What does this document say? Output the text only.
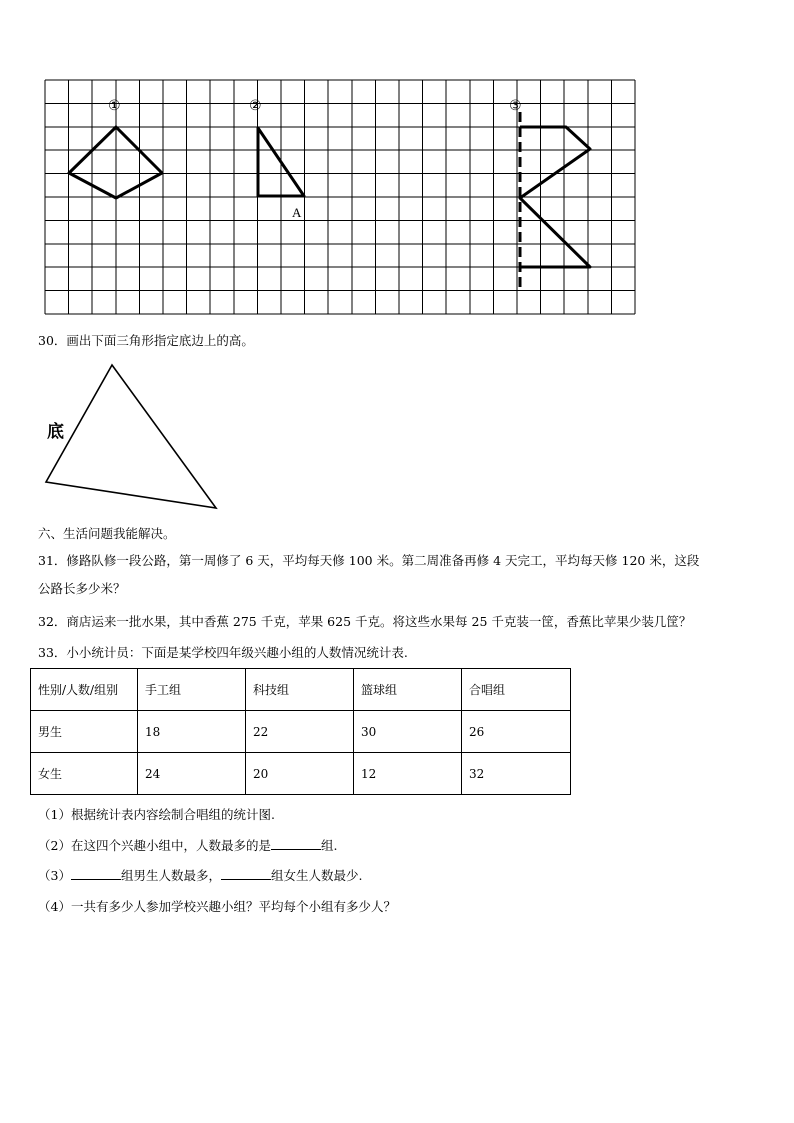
①	②	③
A
30．画出下面三角形指定底边上的高。
底
六、生活问题我能解决。
31．修路队修一段公路，第一周修了 6 天，平均每天修 100 米。第二周准备再修 4 天完工，平均每天修 120 米，这段
公路长多少米？
32．商店运来一批水果，其中香蕉 275 千克，苹果 625 千克。将这些水果每 25 千克装一筐，香蕉比苹果少装几筐？
33．小小统计员：下面是某学校四年级兴趣小组的人数情况统计表.
性别/人数/组别	手工组	科技组	篮球组	合唱组
男生	18	22	30	26
女生	24	20	12	32
（1）根据统计表内容绘制合唱组的统计图.
（2）在这四个兴趣小组中，人数最多的是	组.
（3）	组男生人数最多，	组女生人数最少.
（4）一共有多少人参加学校兴趣小组？平均每个小组有多少人？
